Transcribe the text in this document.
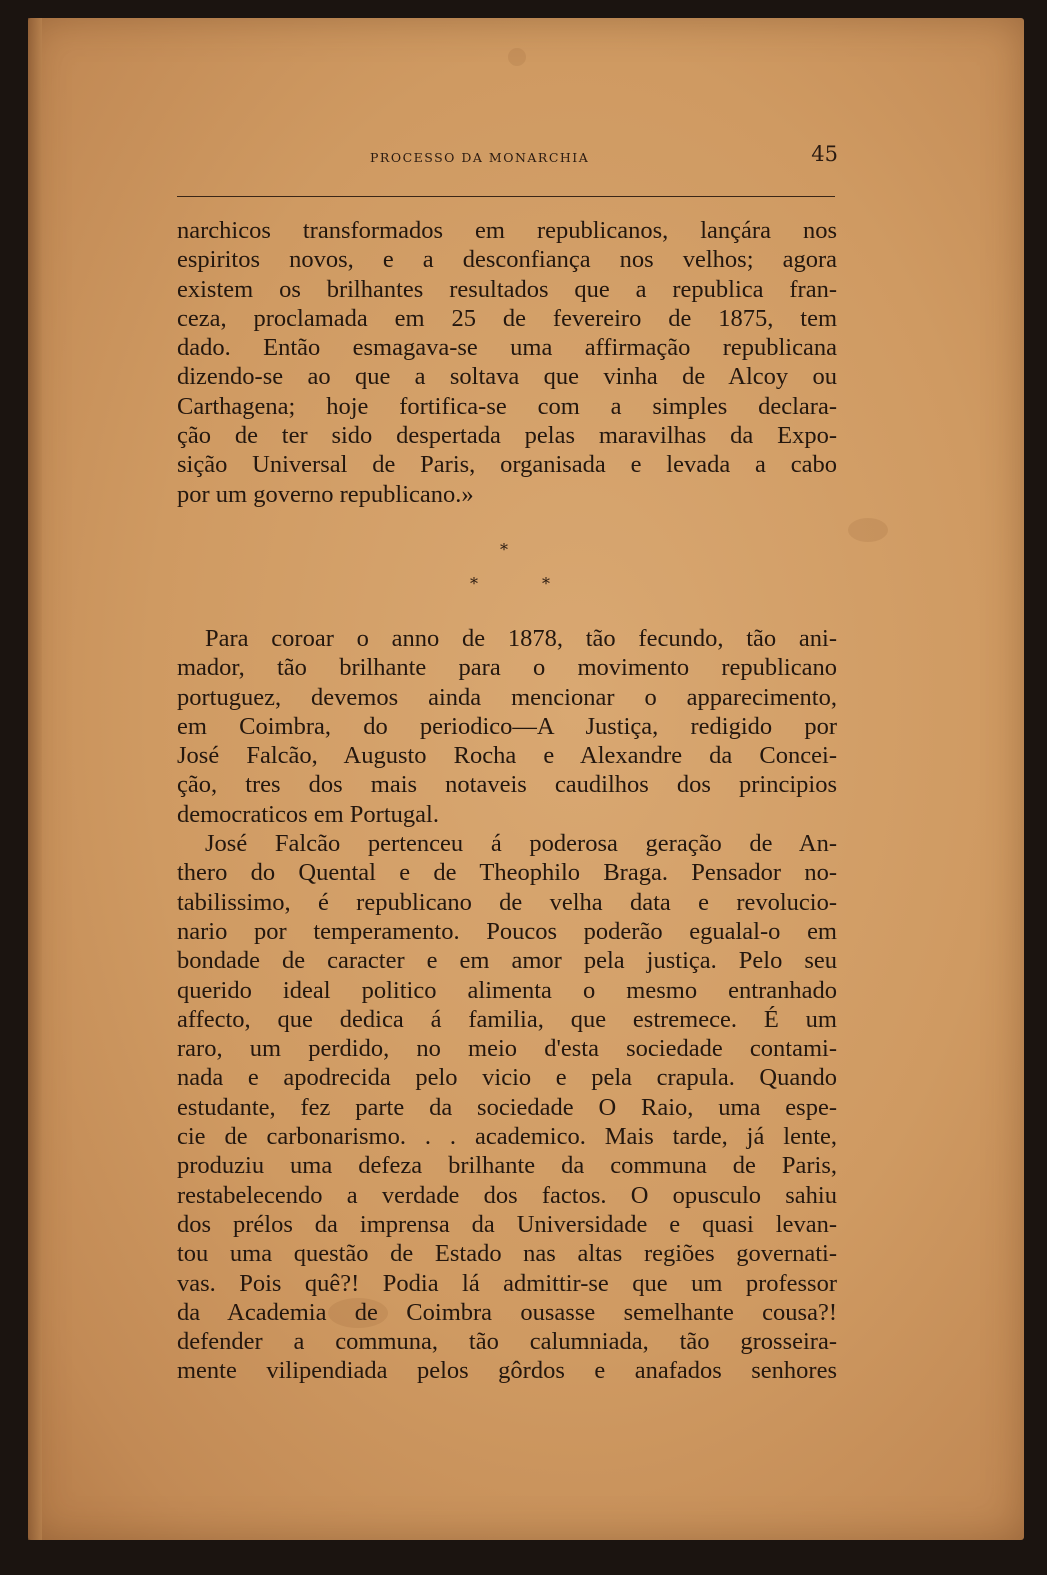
PROCESSO DA MONARCHIA	45
narchicos transformados em republicanos, lançára nos
espiritos novos, e a desconfiança nos velhos; agora
existem os brilhantes resultados que a republica fran-
ceza, proclamada em 25 de fevereiro de 1875, tem
dado. Então esmagava-se uma affirmação republicana
dizendo-se ao que a soltava que vinha de Alcoy ou
Carthagena; hoje fortifica-se com a simples declara-
ção de ter sido despertada pelas maravilhas da Expo-
sição Universal de Paris, organisada e levada a cabo
por um governo republicano.»
*
*	*
Para coroar o anno de 1878, tão fecundo, tão ani-
mador, tão brilhante para o movimento republicano
portuguez, devemos ainda mencionar o apparecimento,
em Coimbra, do periodico—A Justiça, redigido por
José Falcão, Augusto Rocha e Alexandre da Concei-
ção, tres dos mais notaveis caudilhos dos principios
democraticos em Portugal.
José Falcão pertenceu á poderosa geração de An-
thero do Quental e de Theophilo Braga. Pensador no-
tabilissimo, é republicano de velha data e revolucio-
nario por temperamento. Poucos poderão egualal-o em
bondade de caracter e em amor pela justiça. Pelo seu
querido ideal politico alimenta o mesmo entranhado
affecto, que dedica á familia, que estremece. É um
raro, um perdido, no meio d'esta sociedade contami-
nada e apodrecida pelo vicio e pela crapula. Quando
estudante, fez parte da sociedade O Raio, uma espe-
cie de carbonarismo. . . academico. Mais tarde, já lente,
produziu uma defeza brilhante da communa de Paris,
restabelecendo a verdade dos factos. O opusculo sahiu
dos prélos da imprensa da Universidade e quasi levan-
tou uma questão de Estado nas altas regiões governati-
vas. Pois quê?! Podia lá admittir-se que um professor
da Academia de Coimbra ousasse semelhante cousa?!
defender a communa, tão calumniada, tão grosseira-
mente vilipendiada pelos gôrdos e anafados senhores
